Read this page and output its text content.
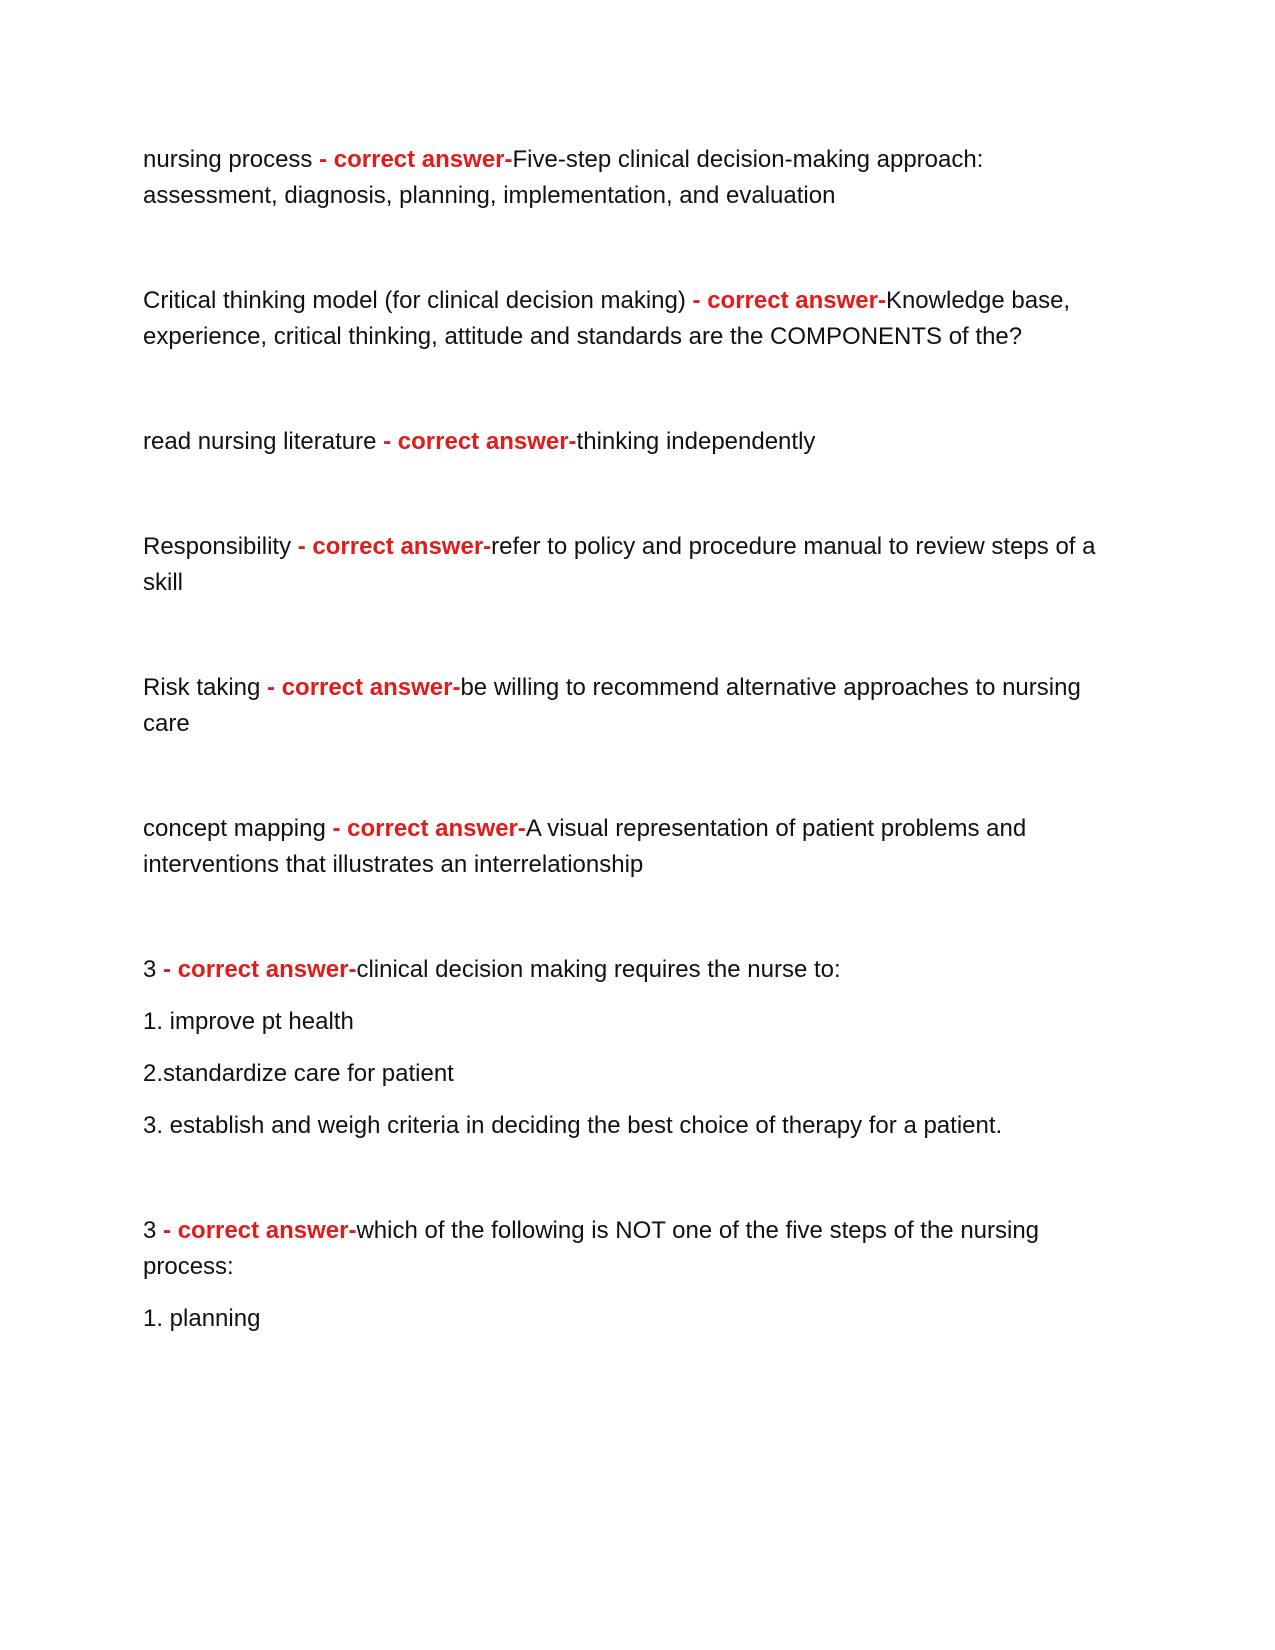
nursing process - correct answer-Five-step clinical decision-making approach: assessment, diagnosis, planning, implementation, and evaluation

Critical thinking model (for clinical decision making) - correct answer-Knowledge base, experience, critical thinking, attitude and standards are the COMPONENTS of the?

read nursing literature - correct answer-thinking independently

Responsibility - correct answer-refer to policy and procedure manual to review steps of a skill

Risk taking - correct answer-be willing to recommend alternative approaches to nursing care

concept mapping - correct answer-A visual representation of patient problems and interventions that illustrates an interrelationship

3 - correct answer-clinical decision making requires the nurse to:

1. improve pt health

2.standardize care for patient

3. establish and weigh criteria in deciding the best choice of therapy for a patient.

3 - correct answer-which of the following is NOT one of the five steps of the nursing process:

1. planning
